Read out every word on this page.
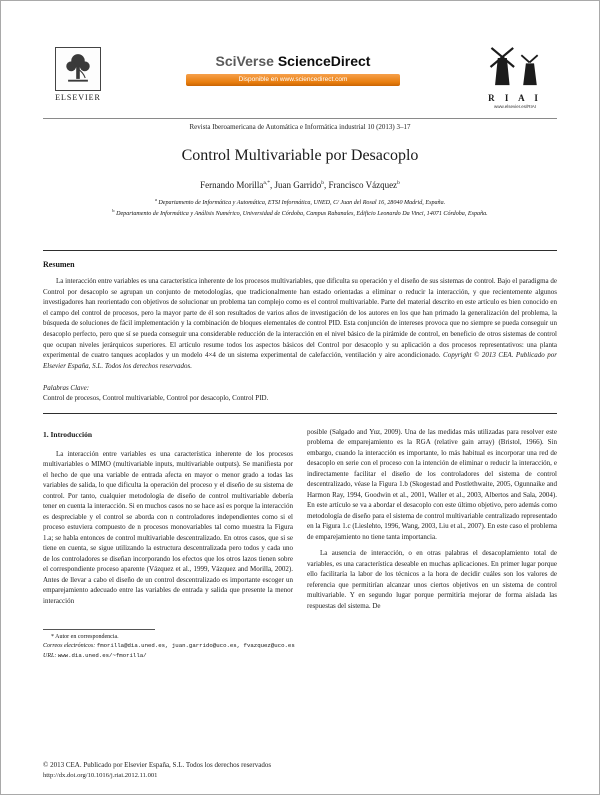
ELSEVIER
SciVerse ScienceDirect
Disponible en www.sciencedirect.com
R I A I
www.elsevier.es/RIAI
Revista Iberoamericana de Automática e Informática industrial 10 (2013) 3–17
Control Multivariable por Desacoplo
Fernando Morilla$^{a,*}$, Juan Garrido$^b$, Francisco Vázquez$^b$
$^a$ Departamento de Informática y Automática, ETSI Informática, UNED, C/ Juan del Rosal 16, 28040 Madrid, España.
$^b$ Departamento de Informática y Análisis Numérico, Universidad de Córdoba, Campus Rabanales, Edificio Leonardo Da Vinci, 14071 Córdoba, España.
Resumen

La interacción entre variables es una característica inherente de los procesos multivariables, que dificulta su operación y el diseño de sus sistemas de control. Bajo el paradigma de Control por desacoplo se agrupan un conjunto de metodologías, que tradicionalmente han estado orientadas a eliminar o reducir la interacción, y que recientemente algunos investigadores han reorientado con objetivos de solucionar un problema tan complejo como es el control multivariable. Parte del material descrito en este artículo es bien conocido en el campo del control de procesos, pero la mayor parte de él son resultados de varios años de investigación de los autores en los que han primado la generalización del problema, la búsqueda de soluciones de fácil implementación y la combinación de bloques elementales de control PID. Esta conjunción de intereses provoca que no siempre se pueda conseguir un desacoplo perfecto, pero que sí se pueda conseguir una considerable reducción de la interacción en el nivel básico de la pirámide de control, en beneficio de otros sistemas de control que ocupan niveles jerárquicos superiores. El artículo resume todos los aspectos básicos del Control por desacoplo y su aplicación a dos procesos representativos: una planta experimental de cuatro tanques acoplados y un modelo 4×4 de un sistema experimental de calefacción, ventilación y aire acondicionado. Copyright © 2013 CEA. Publicado por Elsevier España, S.L. Todos los derechos reservados.

Palabras Clave:
Control de procesos, Control multivariable, Control por desacoplo, Control PID.
1. Introducción

La interacción entre variables es una característica inherente de los procesos multivariables o MIMO (multivariable inputs, multivariable outputs). Se manifiesta por el hecho de que una variable de entrada afecta en mayor o menor grado a todas las variables de salida, lo que dificulta la operación del proceso y el diseño de su sistema de control. Por tanto, cualquier metodología de diseño de control multivariable debería tener en cuenta la interacción. Si en muchos casos no se hace así es porque la interacción es despreciable y el control se aborda con n controladores independientes como si el proceso estuviera compuesto de n procesos monovariables tal como muestra la Figura 1.a; se habla entonces de control multivariable descentralizado. En otros casos, que si se tiene en cuenta, se sigue utilizando la estructura descentralizada pero todos y cada uno de los controladores se diseñan incorporando los efectos que los otros lazos tienen sobre el correspondiente proceso aparente (Vázquez et al., 1999, Vázquez and Morilla, 2002). Antes de llevar a cabo el diseño de un control descentralizado es importante escoger un emparejamiento adecuado entre las variables de entrada y salida que presente la menor interacción

posible (Salgado and Yuz, 2009). Una de las medidas más utilizadas para resolver este problema de emparejamiento es la RGA (relative gain array) (Bristol, 1966). Sin embargo, cuando la interacción es importante, lo más habitual es incorporar una red de desacoplo en serie con el proceso con la intención de eliminar o reducir la interacción, e indirectamente facilitar el diseño de los controladores del sistema de control descentralizado, véase la Figura 1.b (Skogestad and Postlethwaite, 2005, Ogunnaike and Harmon Ray, 1994, Goodwin et al., 2001, Waller et al., 2003, Albertos and Sala, 2004). En este artículo se va a abordar el desacoplo con este último objetivo, pero además como metodología de diseño para el sistema de control multivariable centralizado representado en la Figura 1.c (Lieslehto, 1996, Wang, 2003, Liu et al., 2007). En este caso el problema de emparejamiento no tiene tanta importancia.

La ausencia de interacción, o en otras palabras el desacoplamiento total de variables, es una característica deseable en muchas aplicaciones. En primer lugar porque ello facilitaría la labor de los técnicos a la hora de decidir cuáles son los valores de referencia que permitirían alcanzar unos ciertos objetivos en un sistema de control multivariable. Y en segundo lugar porque permitiría mejorar de forma aislada las respuestas del sistema. De

* Autor en correspondencia.
Correos electrónicos: fmorilla@dia.uned.es, juan.garrido@uco.es, fvazquez@uco.es
URL: www.dia.uned.es/~fmorilla/
© 2013 CEA. Publicado por Elsevier España, S.L. Todos los derechos reservados
http://dx.doi.org/10.1016/j.riai.2012.11.001
